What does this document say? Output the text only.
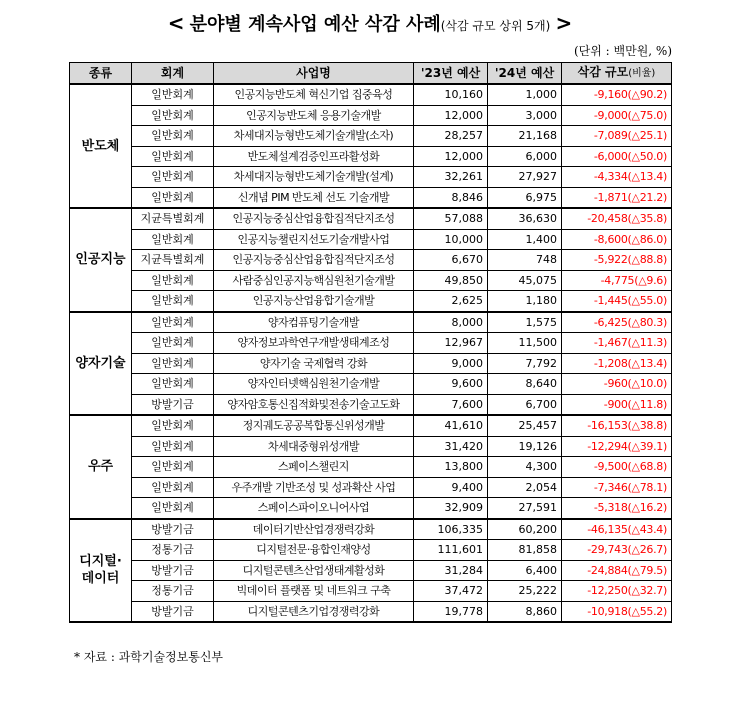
< 분야별 계속사업 예산 삭감 사례(삭감 규모 상위 5개) >
(단위 : 백만원, %)
종류	회계	사업명	'23년 예산	'24년 예산	삭감 규모(비율)
반도체	일반회계	인공지능반도체 혁신기업 집중육성	10,160	1,000	-9,160(△90.2)
	일반회계	인공지능반도체 응용기술개발	12,000	3,000	-9,000(△75.0)
	일반회계	차세대지능형반도체기술개발(소자)	28,257	21,168	-7,089(△25.1)
	일반회계	반도체설계검증인프라활성화	12,000	6,000	-6,000(△50.0)
	일반회계	차세대지능형반도체기술개발(설계)	32,261	27,927	-4,334(△13.4)
	일반회계	신개념 PIM 반도체 선도 기술개발	8,846	6,975	-1,871(△21.2)
인공지능	지균특별회계	인공지능중심산업융합집적단지조성	57,088	36,630	-20,458(△35.8)
	일반회계	인공지능챌린지선도기술개발사업	10,000	1,400	-8,600(△86.0)
	지균특별회계	인공지능중심산업융합집적단지조성	6,670	748	-5,922(△88.8)
	일반회계	사람중심인공지능핵심원천기술개발	49,850	45,075	-4,775(△9.6)
	일반회계	인공지능산업융합기술개발	2,625	1,180	-1,445(△55.0)
양자기술	일반회계	양자컴퓨팅기술개발	8,000	1,575	-6,425(△80.3)
	일반회계	양자정보과학연구개발생태계조성	12,967	11,500	-1,467(△11.3)
	일반회계	양자기술 국제협력 강화	9,000	7,792	-1,208(△13.4)
	일반회계	양자인터넷핵심원천기술개발	9,600	8,640	-960(△10.0)
	방발기금	양자암호통신집적화및전송기술고도화	7,600	6,700	-900(△11.8)
우주	일반회계	정지궤도공공복합통신위성개발	41,610	25,457	-16,153(△38.8)
	일반회계	차세대중형위성개발	31,420	19,126	-12,294(△39.1)
	일반회계	스페이스챌린지	13,800	4,300	-9,500(△68.8)
	일반회계	우주개발 기반조성 및 성과확산 사업	9,400	2,054	-7,346(△78.1)
	일반회계	스페이스파이오니어사업	32,909	27,591	-5,318(△16.2)
디지털·데이터	방발기금	데이터기반산업경쟁력강화	106,335	60,200	-46,135(△43.4)
	정통기금	디지털전문·융합인재양성	111,601	81,858	-29,743(△26.7)
	방발기금	디지털콘텐츠산업생태계활성화	31,284	6,400	-24,884(△79.5)
	정통기금	빅데이터 플랫폼 및 네트워크 구축	37,472	25,222	-12,250(△32.7)
	방발기금	디지털콘텐츠기업경쟁력강화	19,778	8,860	-10,918(△55.2)
* 자료 : 과학기술정보통신부
